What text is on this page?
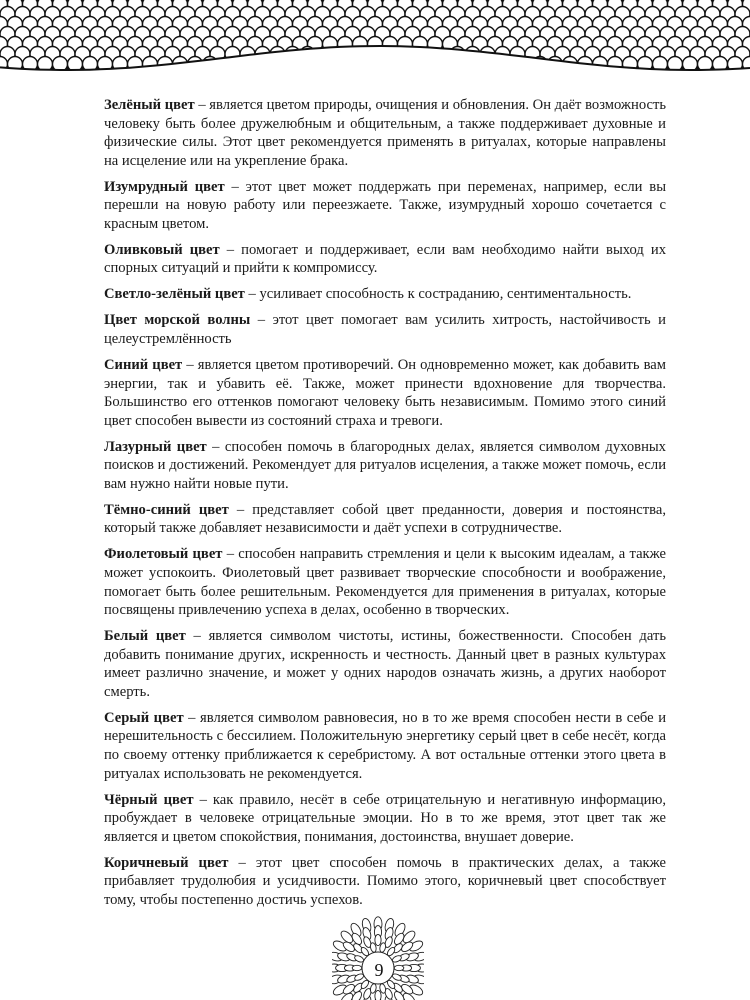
Зелёный цвет – является цветом природы, очищения и обновления. Он даёт возможность человеку быть более дружелюбным и общительным, а также поддерживает духовные и физические силы. Этот цвет рекомендуется применять в ритуалах, которые направлены на исцеление или на укрепление брака.

Изумрудный цвет – этот цвет может поддержать при переменах, например, если вы перешли на новую работу или переезжаете. Также, изумрудный хорошо сочетается с красным цветом.

Оливковый цвет – помогает и поддерживает, если вам необходимо найти выход их спорных ситуаций и прийти к компромиссу.

Светло-зелёный цвет – усиливает способность к состраданию, сентиментальность.

Цвет морской волны – этот цвет помогает вам усилить хитрость, настойчивость и целеустремлённость

Синий цвет – является цветом противоречий. Он одновременно может, как добавить вам энергии, так и убавить её. Также, может принести вдохновение для творчества. Большинство его оттенков помогают человеку быть независимым. Помимо этого синий цвет способен вывести из состояний страха и тревоги.

Лазурный цвет – способен помочь в благородных делах, является символом духовных поисков и достижений. Рекомендует для ритуалов исцеления, а также может помочь, если вам нужно найти новые пути.

Тёмно-синий цвет – представляет собой цвет преданности, доверия и постоянства, который также добавляет независимости и даёт успехи в сотрудничестве.

Фиолетовый цвет – способен направить стремления и цели к высоким идеалам, а также может успокоить. Фиолетовый цвет развивает творческие способности и воображение, помогает быть более решительным. Рекомендуется для применения в ритуалах, которые посвящены привлечению успеха в делах, особенно в творческих.

Белый цвет – является символом чистоты, истины, божественности. Способен дать добавить понимание других, искренность и честность. Данный цвет в разных культурах имеет различно значение, и может у одних народов означать жизнь, а других наоборот смерть.

Серый цвет – является символом равновесия, но в то же время способен нести в себе и нерешительность с бессилием. Положительную энергетику серый цвет в себе несёт, когда по своему оттенку приближается к серебристому. А вот остальные оттенки этого цвета в ритуалах использовать не рекомендуется.

Чёрный цвет – как правило, несёт в себе отрицательную и негативную информацию, пробуждает в человеке отрицательные эмоции. Но в то же время, этот цвет так же является и цветом спокойствия, понимания, достоинства, внушает доверие.

Коричневый цвет – этот цвет способен помочь в практических делах, а также прибавляет трудолюбия и усидчивости. Помимо этого, коричневый цвет способствует тому, чтобы постепенно достичь успехов.

9
